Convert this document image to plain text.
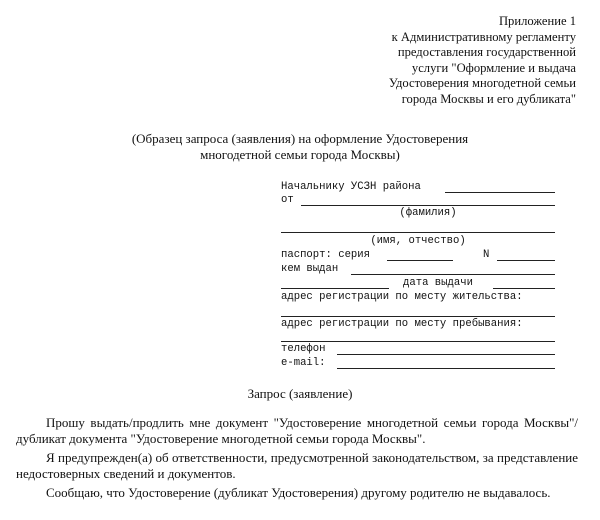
Приложение 1
к Административному регламенту
предоставления государственной
услуги "Оформление и выдача
Удостоверения многодетной семьи
города Москвы и его дубликата"
(Образец запроса (заявления) на оформление Удостоверения
многодетной семьи города Москвы)
Начальнику УСЗН района
от
(фамилия)
(имя, отчество)
паспорт: серия	N
кем выдан
дата выдачи
адрес регистрации по месту жительства:
адрес регистрации по месту пребывания:
телефон
e-mail:
Запрос (заявление)

Прошу выдать/продлить мне документ "Удостоверение многодетной семьи города Москвы"/дубликат документа "Удостоверение многодетной семьи города Москвы".

Я предупрежден(а) об ответственности, предусмотренной законодательством, за представление недостоверных сведений и документов.

Сообщаю, что Удостоверение (дубликат Удостоверения) другому родителю не выдавалось.
